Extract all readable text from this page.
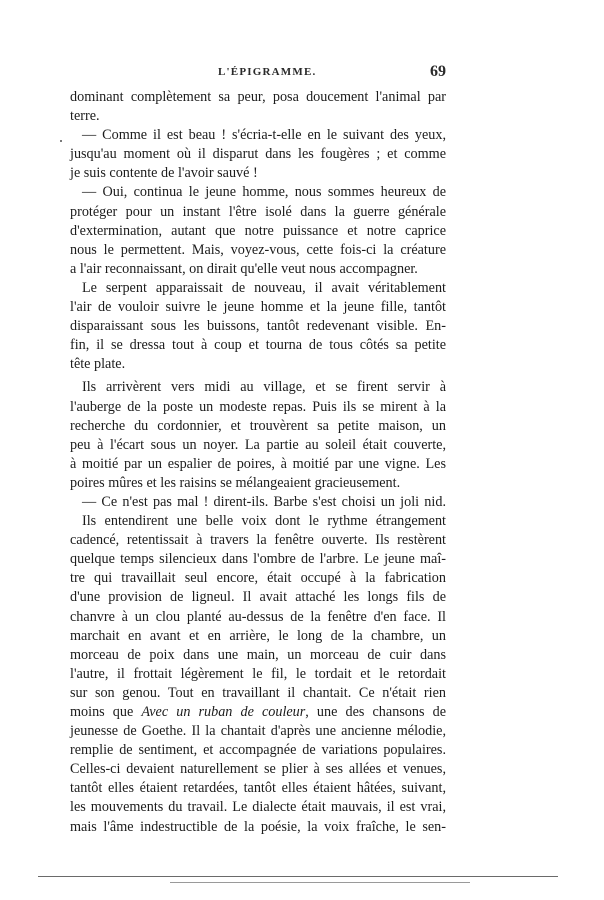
L'ÉPIGRAMME.	69
dominant complètement sa peur, posa doucement l'animal par
terre.
— Comme il est beau ! s'écria-t-elle en le suivant des yeux,
jusqu'au moment où il disparut dans les fougères ; et comme
je suis contente de l'avoir sauvé !
— Oui, continua le jeune homme, nous sommes heureux de
protéger pour un instant l'être isolé dans la guerre générale
d'extermination, autant que notre puissance et notre caprice
nous le permettent. Mais, voyez-vous, cette fois-ci la créature
a l'air reconnaissant, on dirait qu'elle veut nous accompagner.
Le serpent apparaissait de nouveau, il avait véritablement
l'air de vouloir suivre le jeune homme et la jeune fille, tantôt
disparaissant sous les buissons, tantôt redevenant visible. En-
fin, il se dressa tout à coup et tourna de tous côtés sa petite
tête plate.
Ils arrivèrent vers midi au village, et se firent servir à
l'auberge de la poste un modeste repas. Puis ils se mirent à la
recherche du cordonnier, et trouvèrent sa petite maison, un
peu à l'écart sous un noyer. La partie au soleil était couverte,
à moitié par un espalier de poires, à moitié par une vigne. Les
poires mûres et les raisins se mélangeaient gracieusement.
— Ce n'est pas mal ! dirent-ils. Barbe s'est choisi un joli nid.
Ils entendirent une belle voix dont le rythme étrangement
cadencé, retentissait à travers la fenêtre ouverte. Ils restèrent
quelque temps silencieux dans l'ombre de l'arbre. Le jeune maî-
tre qui travaillait seul encore, était occupé à la fabrication
d'une provision de ligneul. Il avait attaché les longs fils de
chanvre à un clou planté au-dessus de la fenêtre d'en face. Il
marchait en avant et en arrière, le long de la chambre, un
morceau de poix dans une main, un morceau de cuir dans
l'autre, il frottait légèrement le fil, le tordait et le retordait
sur son genou. Tout en travaillant il chantait. Ce n'était rien
moins que Avec un ruban de couleur, une des chansons de
jeunesse de Goethe. Il la chantait d'après une ancienne mélodie,
remplie de sentiment, et accompagnée de variations populaires.
Celles-ci devaient naturellement se plier à ses allées et venues,
tantôt elles étaient retardées, tantôt elles étaient hâtées, suivant,
les mouvements du travail. Le dialecte était mauvais, il est vrai,
mais l'âme indestructible de la poésie, la voix fraîche, le sen-
